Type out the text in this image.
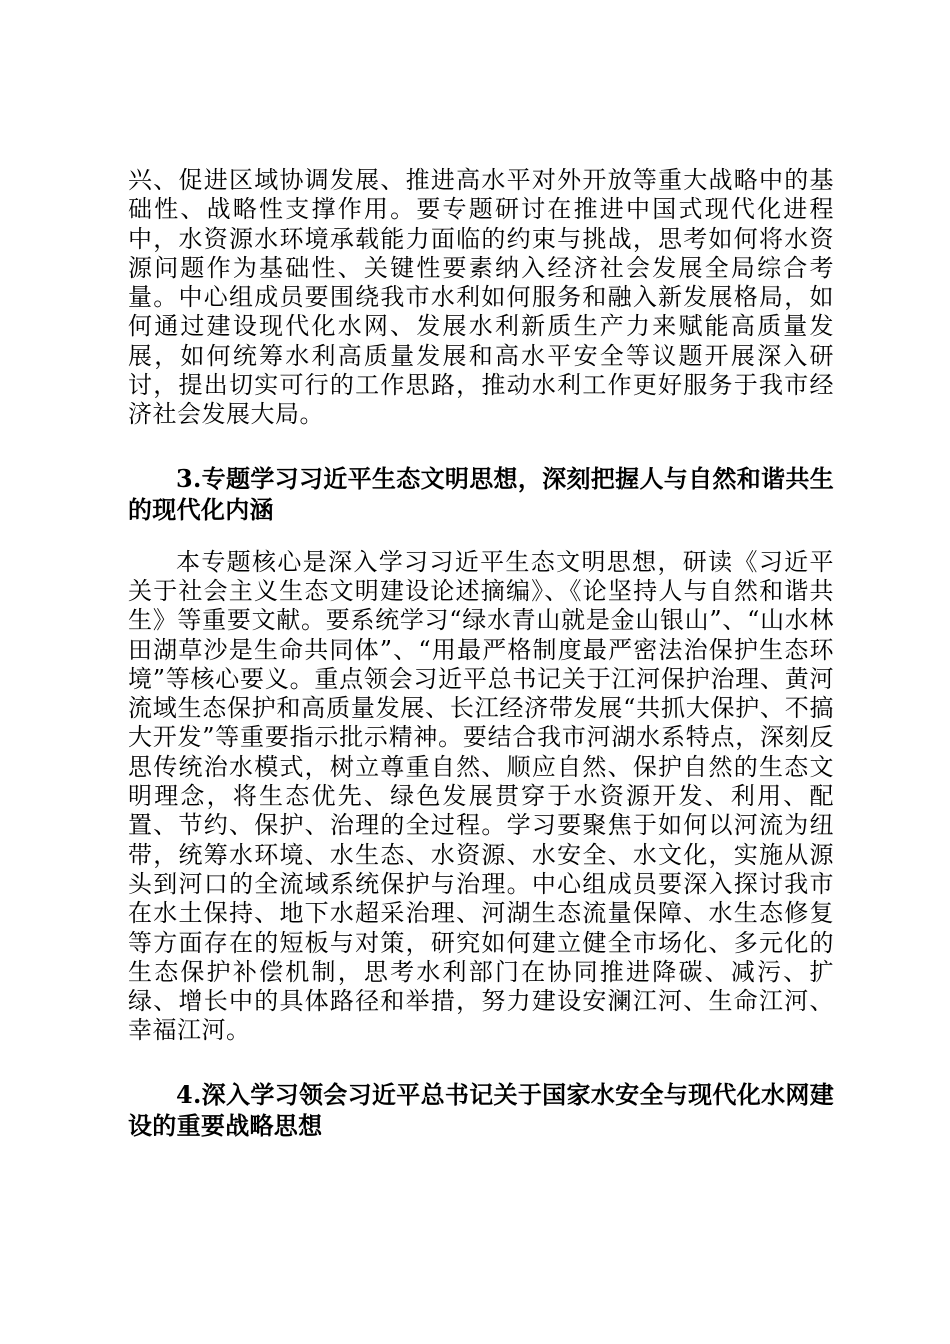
兴、促进区域协调发展、推进高水平对外开放等重大战略中的基础性、战略性支撑作用。要专题研讨在推进中国式现代化进程中，水资源水环境承载能力面临的约束与挑战，思考如何将水资源问题作为基础性、关键性要素纳入经济社会发展全局综合考量。中心组成员要围绕我市水利如何服务和融入新发展格局，如何通过建设现代化水网、发展水利新质生产力来赋能高质量发展，如何统筹水利高质量发展和高水平安全等议题开展深入研讨，提出切实可行的工作思路，推动水利工作更好服务于我市经济社会发展大局。

3.专题学习习近平生态文明思想，深刻把握人与自然和谐共生的现代化内涵

本专题核心是深入学习习近平生态文明思想，研读《习近平关于社会主义生态文明建设论述摘编》、《论坚持人与自然和谐共生》等重要文献。要系统学习“绿水青山就是金山银山”、“山水林田湖草沙是生命共同体”、“用最严格制度最严密法治保护生态环境”等核心要义。重点领会习近平总书记关于江河保护治理、黄河流域生态保护和高质量发展、长江经济带发展“共抓大保护、不搞大开发”等重要指示批示精神。要结合我市河湖水系特点，深刻反思传统治水模式，树立尊重自然、顺应自然、保护自然的生态文明理念，将生态优先、绿色发展贯穿于水资源开发、利用、配置、节约、保护、治理的全过程。学习要聚焦于如何以河流为纽带，统筹水环境、水生态、水资源、水安全、水文化，实施从源头到河口的全流域系统保护与治理。中心组成员要深入探讨我市在水土保持、地下水超采治理、河湖生态流量保障、水生态修复等方面存在的短板与对策，研究如何建立健全市场化、多元化的生态保护补偿机制，思考水利部门在协同推进降碳、减污、扩绿、增长中的具体路径和举措，努力建设安澜江河、生命江河、幸福江河。

4.深入学习领会习近平总书记关于国家水安全与现代化水网建设的重要战略思想
